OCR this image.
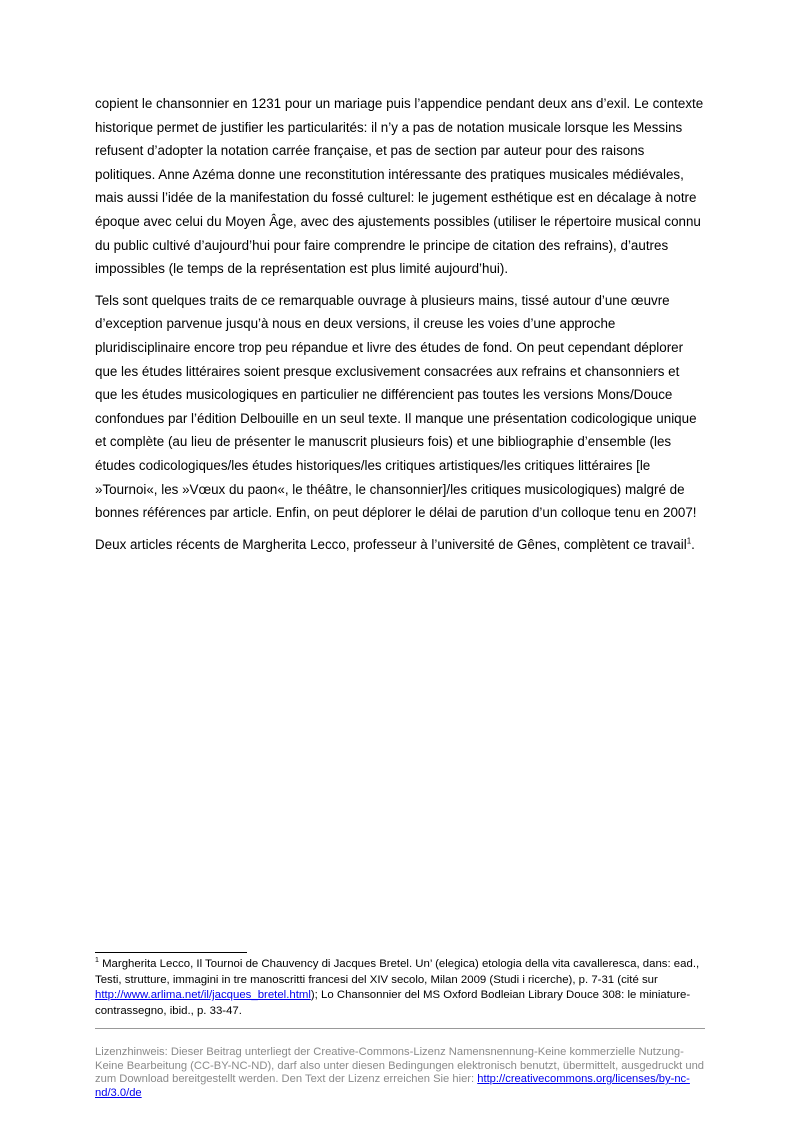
copient le chansonnier en 1231 pour un mariage puis l’appendice pendant deux ans d’exil. Le contexte historique permet de justifier les particularités: il n’y a pas de notation musicale lorsque les Messins refusent d’adopter la notation carrée française, et pas de section par auteur pour des raisons politiques. Anne Azéma donne une reconstitution intéressante des pratiques musicales médiévales, mais aussi l’idée de la manifestation du fossé culturel: le jugement esthétique est en décalage à notre époque avec celui du Moyen Âge, avec des ajustements possibles (utiliser le répertoire musical connu du public cultivé d’aujourd’hui pour faire comprendre le principe de citation des refrains), d’autres impossibles (le temps de la représentation est plus limité aujourd’hui).

Tels sont quelques traits de ce remarquable ouvrage à plusieurs mains, tissé autour d’une œuvre d’exception parvenue jusqu’à nous en deux versions, il creuse les voies d’une approche pluridisciplinaire encore trop peu répandue et livre des études de fond. On peut cependant déplorer que les études littéraires soient presque exclusivement consacrées aux refrains et chansonniers et que les études musicologiques en particulier ne différencient pas toutes les versions Mons/Douce confondues par l’édition Delbouille en un seul texte. Il manque une présentation codicologique unique et complète (au lieu de présenter le manuscrit plusieurs fois) et une bibliographie d’ensemble (les études codicologiques/les études historiques/les critiques artistiques/les critiques littéraires [le »Tournoi«, les »Vœux du paon«, le théâtre, le chansonnier]/les critiques musicologiques) malgré de bonnes références par article. Enfin, on peut déplorer le délai de parution d’un colloque tenu en 2007!

Deux articles récents de Margherita Lecco, professeur à l’université de Gênes, complètent ce travail$^1$.

$^1$ Margherita Lecco, Il Tournoi de Chauvency di Jacques Bretel. Un’ (elegica) etologia della vita cavalleresca, dans: ead., Testi, strutture, immagini in tre manoscritti francesi del XIV secolo, Milan 2009 (Studi i ricerche), p. 7-31 (cité sur http://www.arlima.net/il/jacques_bretel.html); Lo Chansonnier del MS Oxford Bodleian Library Douce 308: le miniature-contrassegno, ibid., p. 33-47.

Lizenzhinweis: Dieser Beitrag unterliegt der Creative-Commons-Lizenz Namensnennung-Keine kommerzielle Nutzung-Keine Bearbeitung (CC-BY-NC-ND), darf also unter diesen Bedingungen elektronisch benutzt, übermittelt, ausgedruckt und zum Download bereitgestellt werden. Den Text der Lizenz erreichen Sie hier: http://creativecommons.org/licenses/by-nc-nd/3.0/de
